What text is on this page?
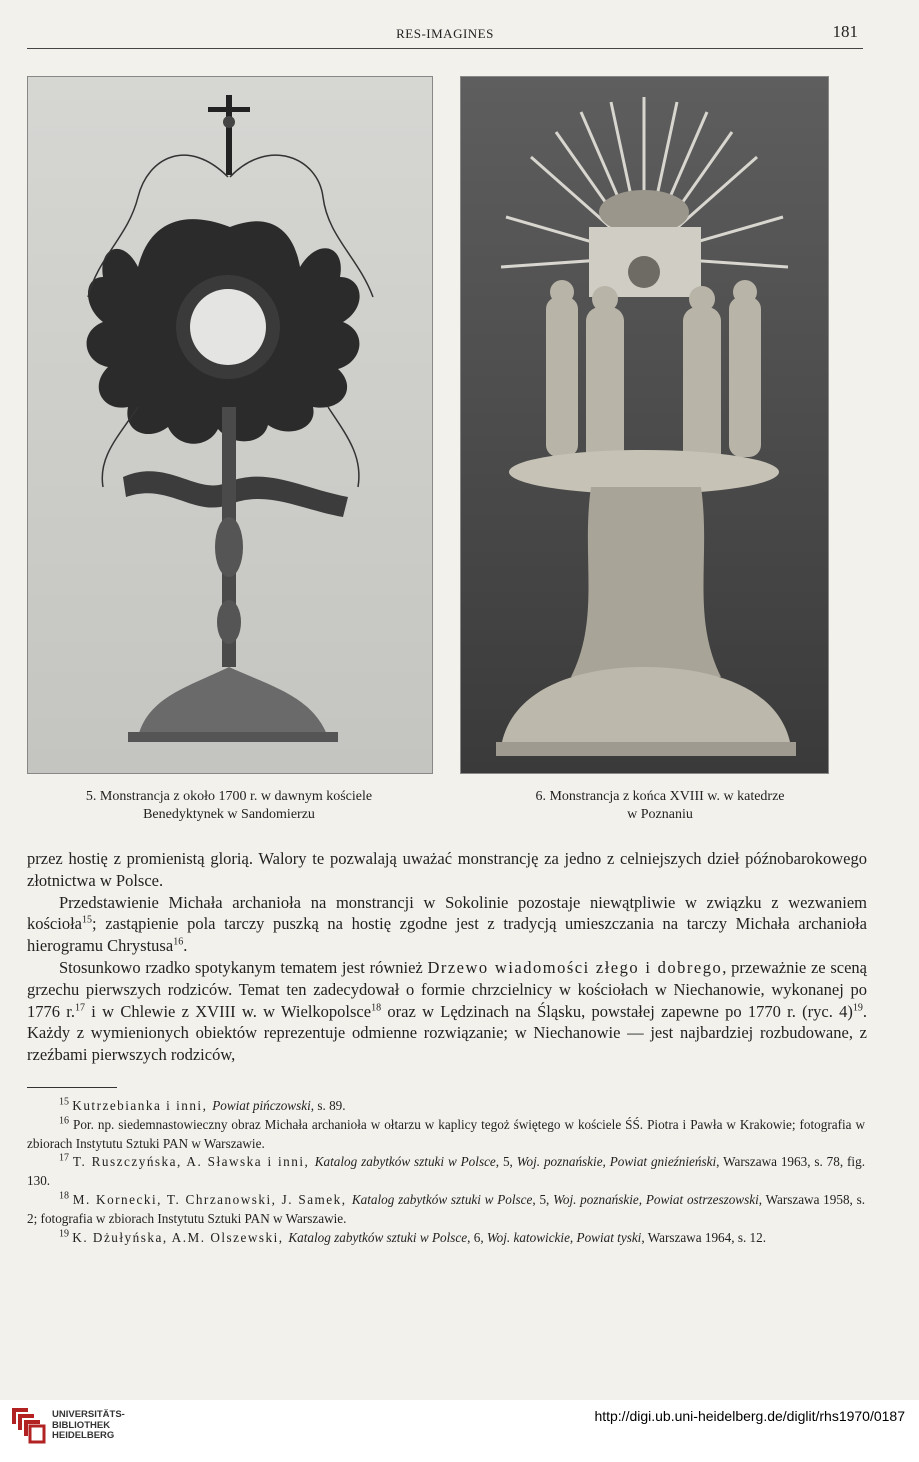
RES-IMAGINES	181
5. Monstrancja z około 1700 r. w dawnym kościele
Benedyktynek w Sandomierzu
6. Monstrancja z końca XVIII w. w katedrze
w Poznaniu

przez hostię z promienistą glorią. Walory te pozwalają uważać monstrancję za jedno z celniejszych dzieł późnobarokowego złotnictwa w Polsce.

Przedstawienie Michała archanioła na monstrancji w Sokolinie pozostaje niewątpliwie w związku z wezwaniem kościoła$^{15}$; zastąpienie pola tarczy puszką na hostię zgodne jest z tradycją umieszczania na tarczy Michała archanioła hierogramu Chrystusa$^{16}$.

Stosunkowo rzadko spotykanym tematem jest również Drzewo wiadomości złego i dobrego, przeważnie ze sceną grzechu pierwszych rodziców. Temat ten zadecydował o formie chrzcielnicy w kościołach w Niechanowie, wykonanej po 1776 r.$^{17}$ i w Chlewie z XVIII w. w Wielkopolsce$^{18}$ oraz w Lędzinach na Śląsku, powstałej zapewne po 1770 r. (ryc. 4)$^{19}$. Każdy z wymienionych obiektów reprezentuje odmienne rozwiązanie; w Niechanowie — jest najbardziej rozbudowane, z rzeźbami pierwszych rodziców,

$^{15}$ Kutrzebianka i inni, Powiat pińczowski, s. 89.

$^{16}$ Por. np. siedemnastowieczny obraz Michała archanioła w ołtarzu w kaplicy tegoż świętego w kościele ŚŚ. Piotra i Pawła w Krakowie; fotografia w zbiorach Instytutu Sztuki PAN w Warszawie.

$^{17}$ T. Ruszczyńska, A. Sławska i inni, Katalog zabytków sztuki w Polsce, 5, Woj. poznańskie, Powiat gnieźnieński, Warszawa 1963, s. 78, fig. 130.

$^{18}$ M. Kornecki, T. Chrzanowski, J. Samek, Katalog zabytków sztuki w Polsce, 5, Woj. poznańskie, Powiat ostrzeszowski, Warszawa 1958, s. 2; fotografia w zbiorach Instytutu Sztuki PAN w Warszawie.

$^{19}$ K. Dżułyńska, A.M. Olszewski, Katalog zabytków sztuki w Polsce, 6, Woj. katowickie, Powiat tyski, Warszawa 1964, s. 12.

UNIVERSITÄTS-
BIBLIOTHEK
HEIDELBERG
http://digi.ub.uni-heidelberg.de/diglit/rhs1970/0187
